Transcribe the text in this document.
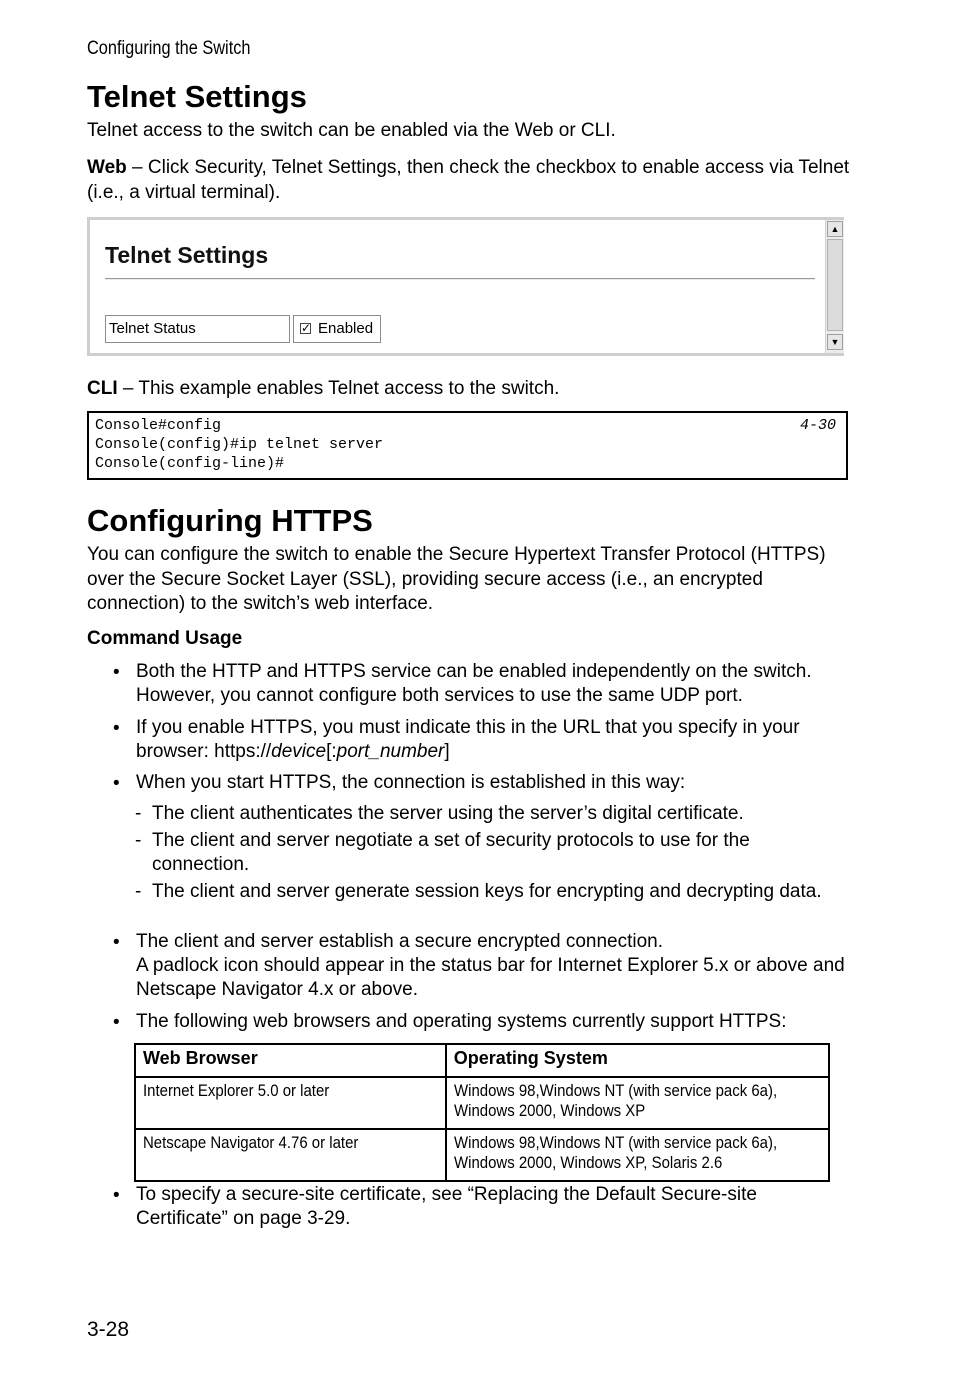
Configuring the Switch
Telnet Settings

Telnet access to the switch can be enabled via the Web or CLI.

Web – Click Security, Telnet Settings, then check the checkbox to enable access via Telnet (i.e., a virtual terminal).

Telnet Settings
Telnet Status	✓ Enabled
▲
▼

CLI – This example enables Telnet access to the switch.

Console#config
Console(config)#ip telnet server
Console(config-line)#
4-30
Configuring HTTPS

You can configure the switch to enable the Secure Hypertext Transfer Protocol (HTTPS) over the Secure Socket Layer (SSL), providing secure access (i.e., an encrypted connection) to the switch’s web interface.

Command Usage
• Both the HTTP and HTTPS service can be enabled independently on the switch. However, you cannot configure both services to use the same UDP port.
• If you enable HTTPS, you must indicate this in the URL that you specify in your browser: https://device[:port_number]
• When you start HTTPS, the connection is established in this way:
- The client authenticates the server using the server’s digital certificate.
- The client and server negotiate a set of security protocols to use for the connection.
- The client and server generate session keys for encrypting and decrypting data.
• The client and server establish a secure encrypted connection.
A padlock icon should appear in the status bar for Internet Explorer 5.x or above and Netscape Navigator 4.x or above.
• The following web browsers and operating systems currently support HTTPS:
Web Browser	Operating System
Internet Explorer 5.0 or later	Windows 98,Windows NT (with service pack 6a),
Windows 2000, Windows XP
Netscape Navigator 4.76 or later	Windows 98,Windows NT (with service pack 6a),
Windows 2000, Windows XP, Solaris 2.6
• To specify a secure-site certificate, see “Replacing the Default Secure-site Certificate” on page 3-29.
3-28
